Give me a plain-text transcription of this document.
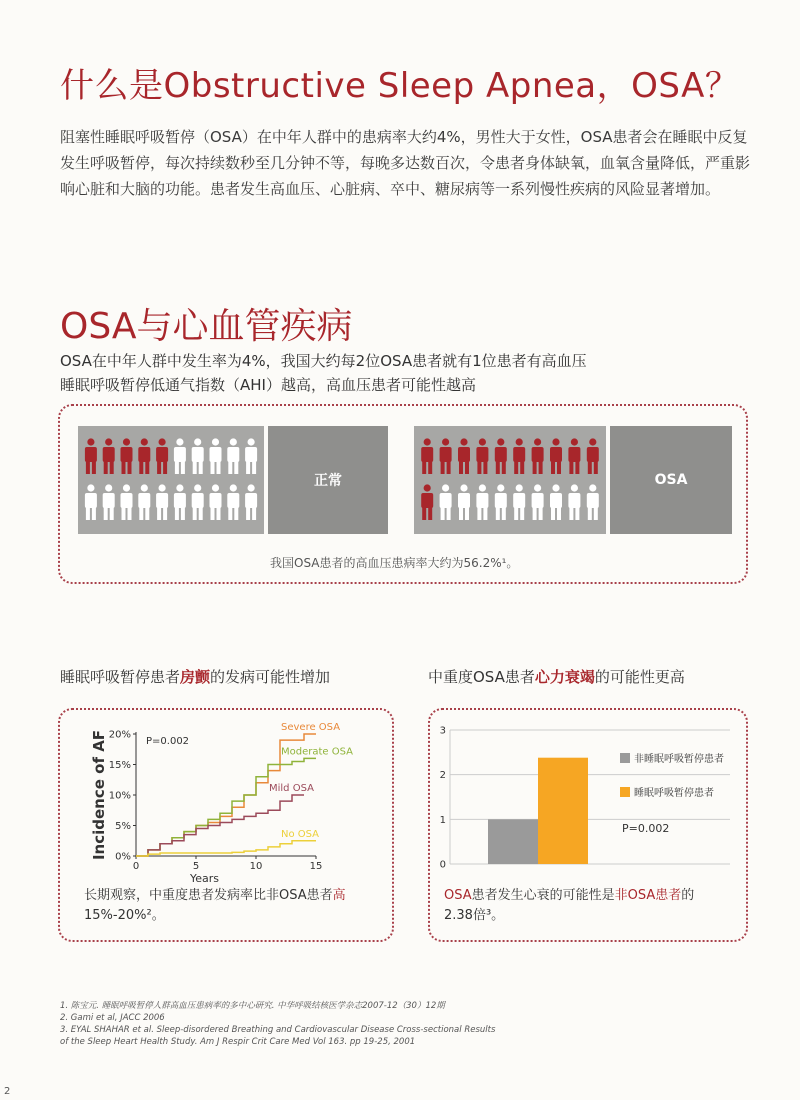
什么是Obstructive Sleep Apnea，OSA？
阻塞性睡眠呼吸暂停（OSA）在中年人群中的患病率大约4%，男性大于女性，OSA患者会在睡眠中反复发生呼吸暂停，每次持续数秒至几分钟不等，每晚多达数百次，令患者身体缺氧，血氧含量降低，严重影响心脏和大脑的功能。患者发生高血压、心脏病、卒中、糖尿病等一系列慢性疾病的风险显著增加。
OSA与心血管疾病
OSA在中年人群中发生率为4%，我国大约每2位OSA患者就有1位患者有高血压
睡眠呼吸暂停低通气指数（AHI）越高，高血压患者可能性越高
正常	OSA
我国OSA患者的高血压患病率大约为56.2%¹。
睡眠呼吸暂停患者房颤的发病可能性增加	中重度OSA患者心力衰竭的可能性更高
0%
5%
10%
15%
20%
0	5	10	15
Years
Incidence of AF	P=0.002
Severe OSA
Moderate OSA
Mild OSA
No OSA
长期观察，中重度患者发病率比非OSA患者高
15%-20%²。
0
1
2
3
非睡眠呼吸暂停患者
睡眠呼吸暂停患者
P=0.002
OSA患者发生心衰的可能性是非OSA患者的
2.38倍³。
1. 陈宝元. 睡眠呼吸暂停人群高血压患病率的多中心研究. 中华呼吸结核医学杂志2007-12（30）12期
2. Gami et al, JACC 2006
3. EYAL SHAHAR et al. Sleep-disordered Breathing and Cardiovascular Disease Cross-sectional Results
of the Sleep Heart Health Study. Am J Respir Crit Care Med Vol 163. pp 19-25, 2001
2
